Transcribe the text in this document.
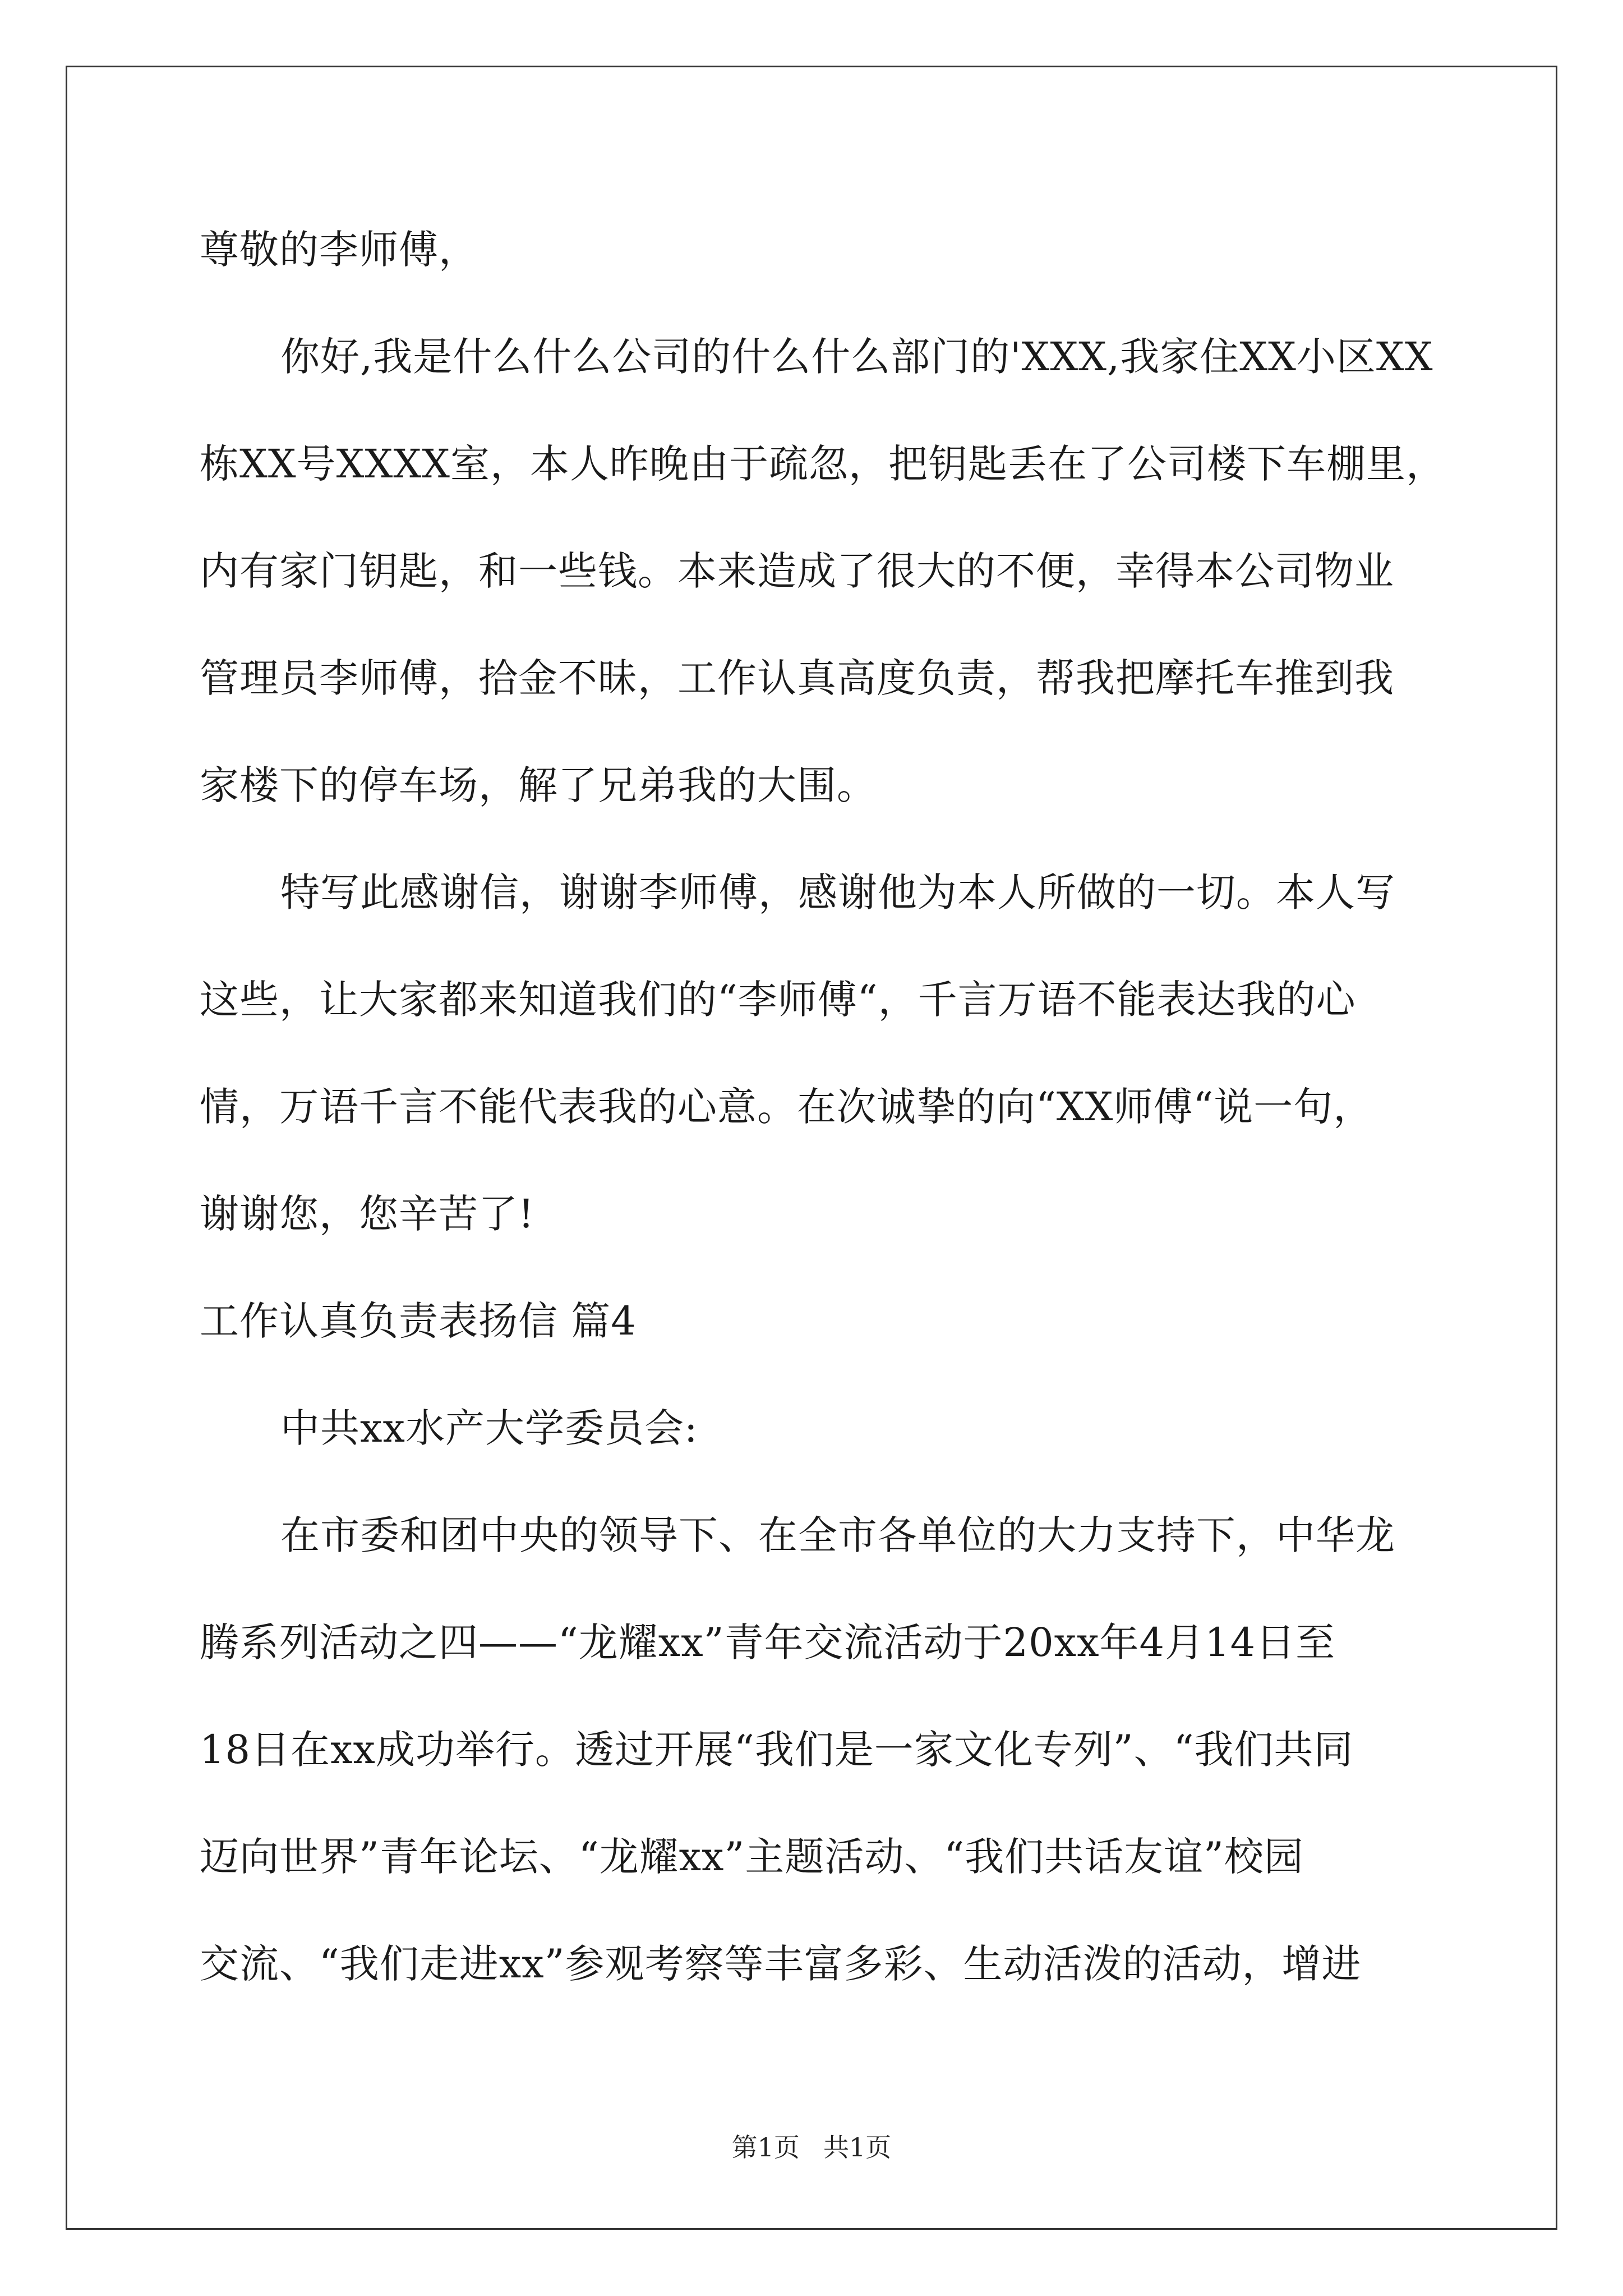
尊敬的李师傅，
你好,我是什么什么公司的什么什么部门的'XXX,我家住XX小区XX
栋XX号XXXX室，本人昨晚由于疏忽，把钥匙丢在了公司楼下车棚里，
内有家门钥匙，和一些钱。本来造成了很大的不便，幸得本公司物业
管理员李师傅，拾金不昧，工作认真高度负责，帮我把摩托车推到我
家楼下的停车场，解了兄弟我的大围。
特写此感谢信，谢谢李师傅，感谢他为本人所做的一切。本人写
这些，让大家都来知道我们的“李师傅“，千言万语不能表达我的心
情，万语千言不能代表我的心意。在次诚挚的向“XX师傅“说一句，
谢谢您，您辛苦了!
工作认真负责表扬信 篇4
中共xx水产大学委员会:
在市委和团中央的领导下、在全市各单位的大力支持下，中华龙
腾系列活动之四——“龙耀xx”青年交流活动于20xx年4月14日至
18日在xx成功举行。透过开展“我们是一家文化专列”、“我们共同
迈向世界”青年论坛、“龙耀xx”主题活动、“我们共话友谊”校园
交流、“我们走进xx”参观考察等丰富多彩、生动活泼的活动，增进
第1页 共1页
